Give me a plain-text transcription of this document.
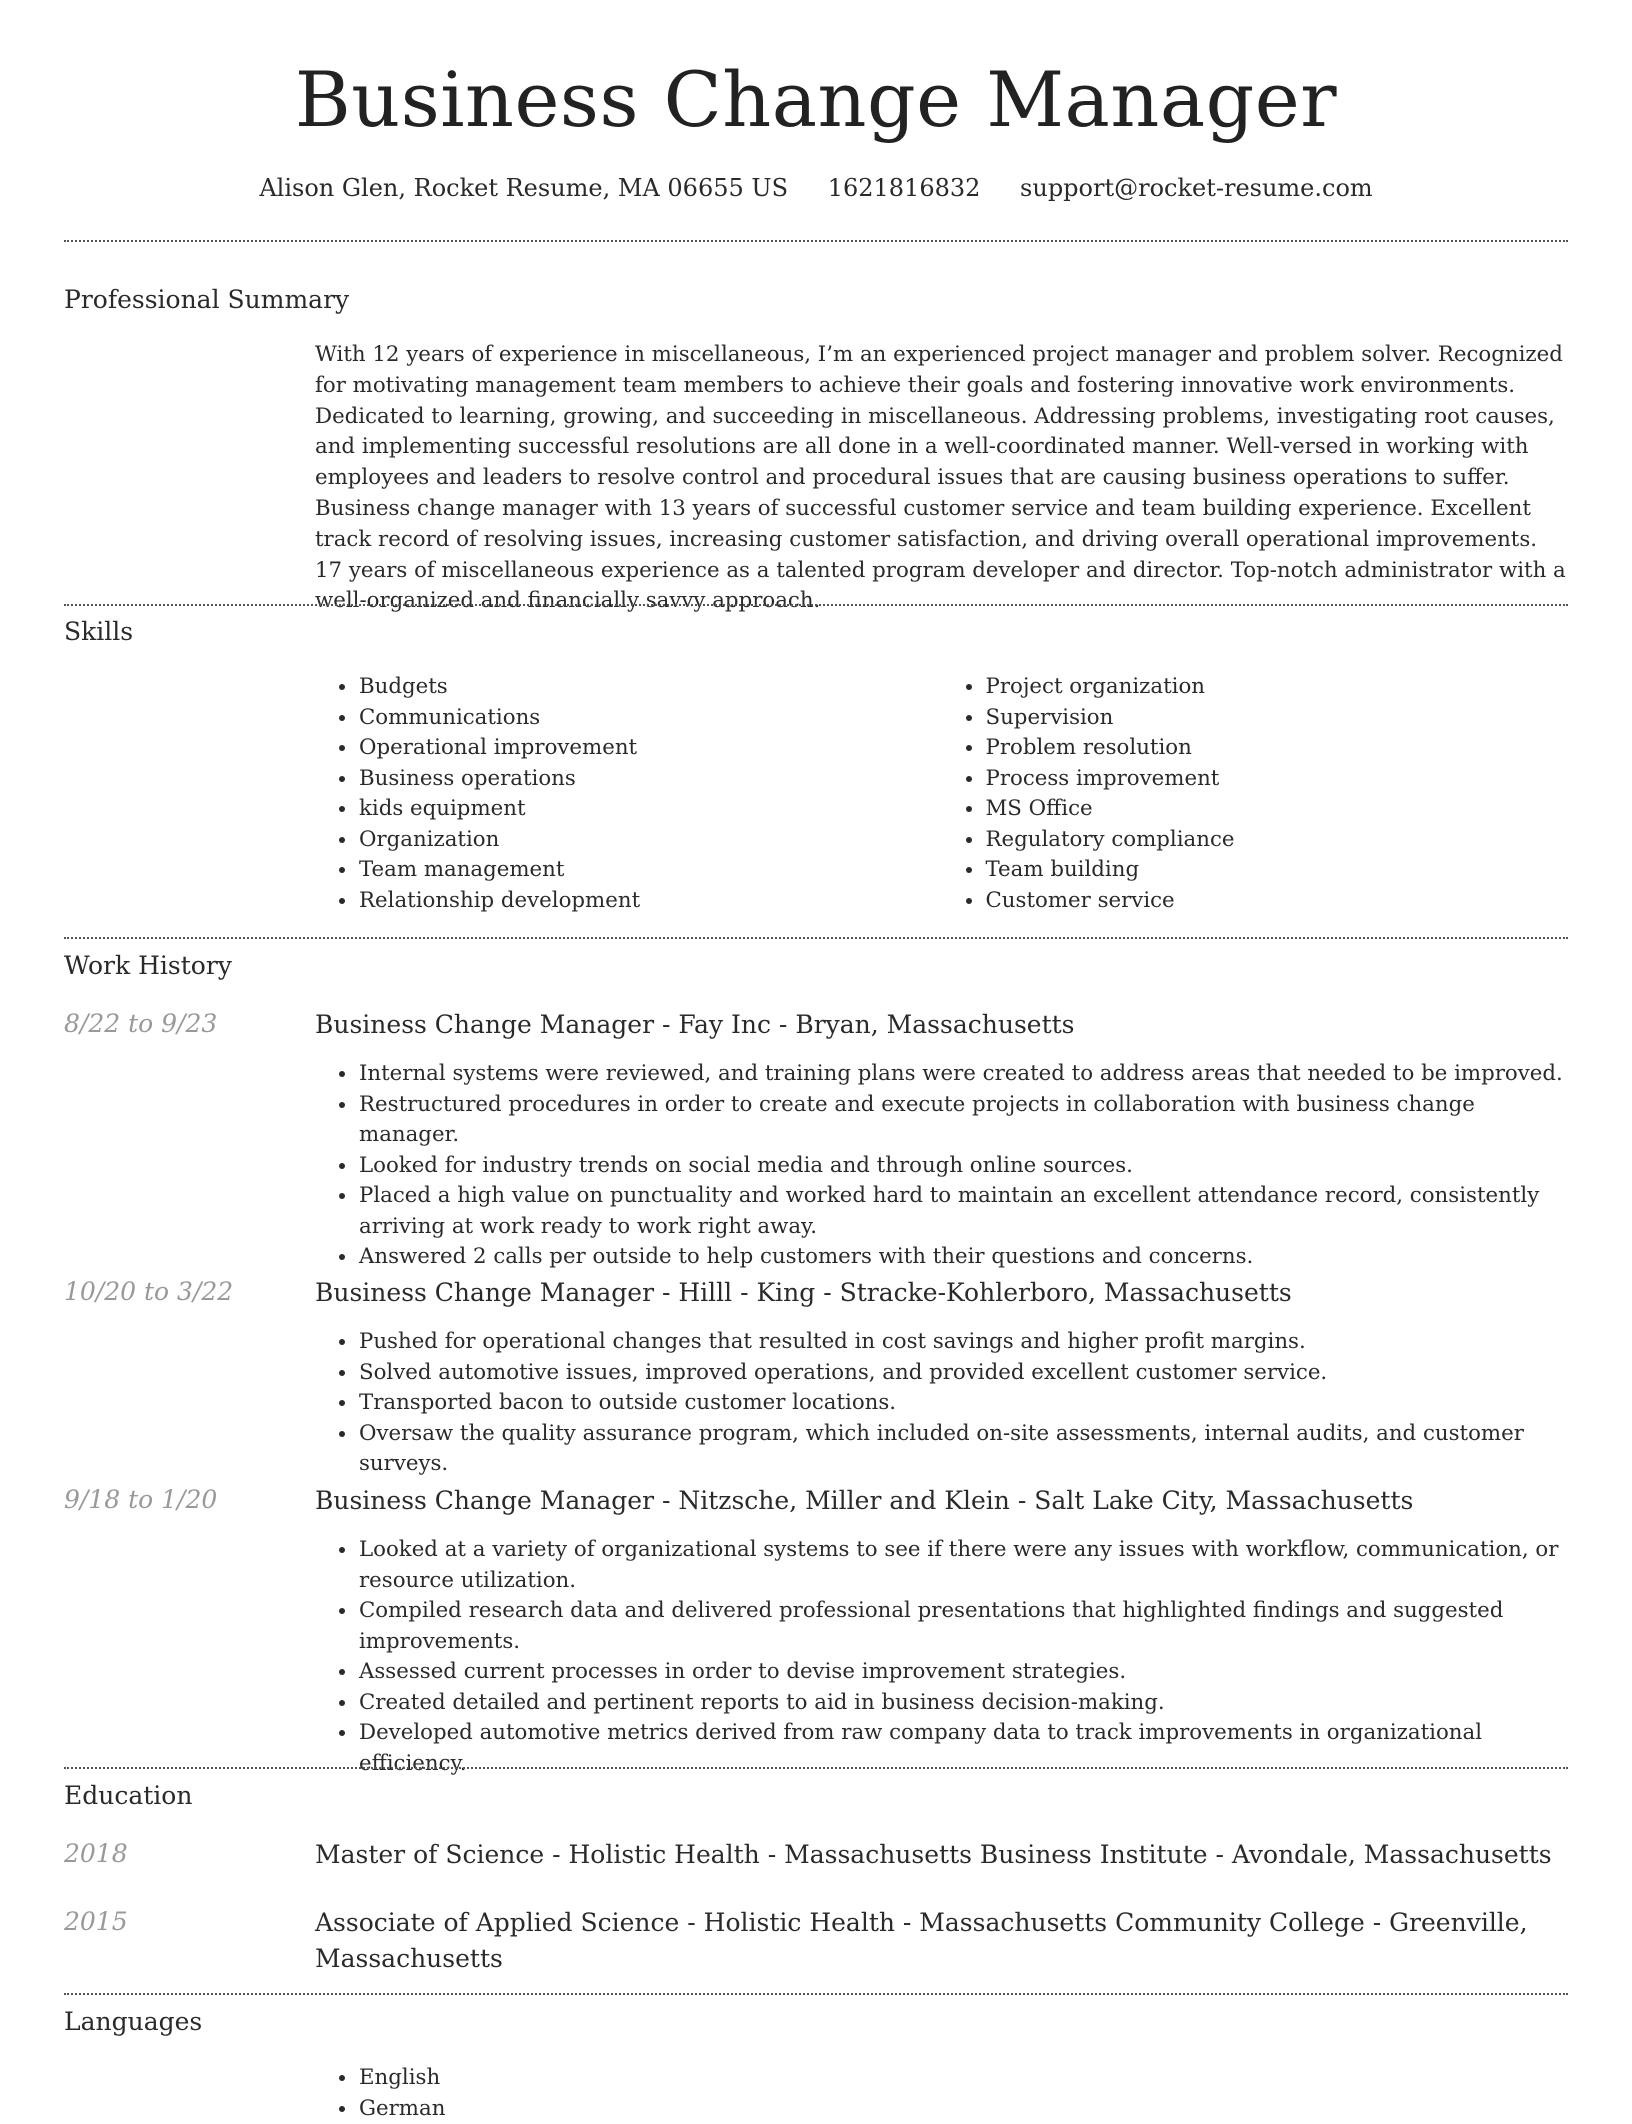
Business Change Manager
Alison Glen, Rocket Resume, MA 06655 US 1621816832 support@rocket-resume.com
Professional Summary
With 12 years of experience in miscellaneous, I’m an experienced project manager and problem solver. Recognized for motivating management team members to achieve their goals and fostering innovative work environments. Dedicated to learning, growing, and succeeding in miscellaneous. Addressing problems, investigating root causes, and implementing successful resolutions are all done in a well-coordinated manner. Well-versed in working with employees and leaders to resolve control and procedural issues that are causing business operations to suffer. Business change manager with 13 years of successful customer service and team building experience. Excellent track record of resolving issues, increasing customer satisfaction, and driving overall operational improvements. 17 years of miscellaneous experience as a talented program developer and director. Top-notch administrator with a well-organized and financially savvy approach.
Skills
• Budgets
• Communications
• Operational improvement
• Business operations
• kids equipment
• Organization
• Team management
• Relationship development
• Project organization
• Supervision
• Problem resolution
• Process improvement
• MS Office
• Regulatory compliance
• Team building
• Customer service
Work History
8/22 to 9/23	Business Change Manager - Fay Inc - Bryan, Massachusetts
• Internal systems were reviewed, and training plans were created to address areas that needed to be improved.
• Restructured procedures in order to create and execute projects in collaboration with business change manager.
• Looked for industry trends on social media and through online sources.
• Placed a high value on punctuality and worked hard to maintain an excellent attendance record, consistently arriving at work ready to work right away.
• Answered 2 calls per outside to help customers with their questions and concerns.
10/20 to 3/22	Business Change Manager - Hilll - King - Stracke-Kohlerboro, Massachusetts
• Pushed for operational changes that resulted in cost savings and higher profit margins.
• Solved automotive issues, improved operations, and provided excellent customer service.
• Transported bacon to outside customer locations.
• Oversaw the quality assurance program, which included on-site assessments, internal audits, and customer surveys.
9/18 to 1/20	Business Change Manager - Nitzsche, Miller and Klein - Salt Lake City, Massachusetts
• Looked at a variety of organizational systems to see if there were any issues with workflow, communication, or resource utilization.
• Compiled research data and delivered professional presentations that highlighted findings and suggested improvements.
• Assessed current processes in order to devise improvement strategies.
• Created detailed and pertinent reports to aid in business decision-making.
• Developed automotive metrics derived from raw company data to track improvements in organizational efficiency.
Education
2018	Master of Science - Holistic Health - Massachusetts Business Institute - Avondale, Massachusetts
2015	Associate of Applied Science - Holistic Health - Massachusetts Community College - Greenville, Massachusetts
Languages
• English
• German
